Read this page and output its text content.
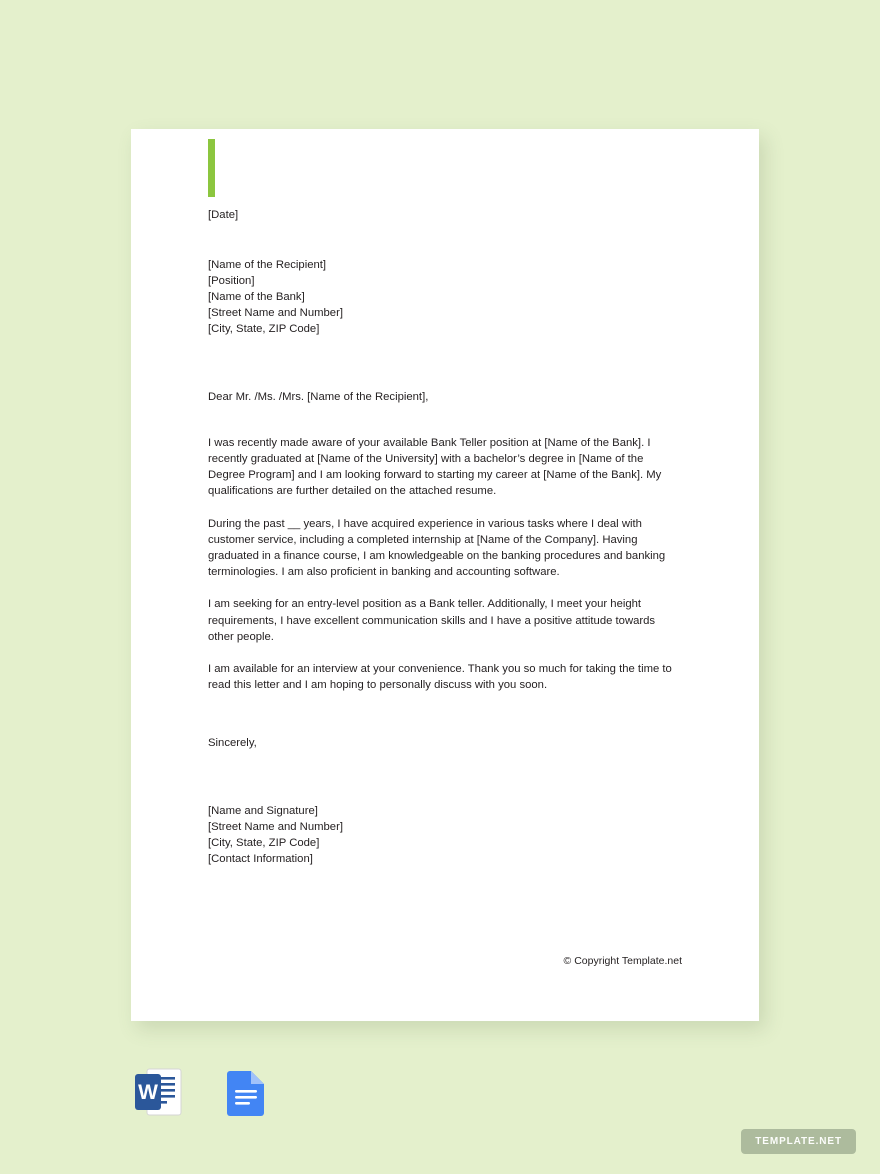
[Date]
[Name of the Recipient]
[Position]
[Name of the Bank]
[Street Name and Number]
[City, State, ZIP Code]
Dear Mr. /Ms. /Mrs. [Name of the Recipient],

I was recently made aware of your available Bank Teller position at [Name of the Bank]. I recently graduated at [Name of the University] with a bachelor’s degree in [Name of the Degree Program] and I am looking forward to starting my career at [Name of the Bank]. My qualifications are further detailed on the attached resume.

During the past __ years, I have acquired experience in various tasks where I deal with customer service, including a completed internship at [Name of the Company]. Having graduated in a finance course, I am knowledgeable on the banking procedures and banking terminologies. I am also proficient in banking and accounting software.

I am seeking for an entry-level position as a Bank teller. Additionally, I meet your height requirements, I have excellent communication skills and I have a positive attitude towards other people.

I am available for an interview at your convenience. Thank you so much for taking the time to read this letter and I am hoping to personally discuss with you soon.

Sincerely,
[Name and Signature]
[Street Name and Number]
[City, State, ZIP Code]
[Contact Information]
© Copyright Template.net
W
TEMPLATE.NET
